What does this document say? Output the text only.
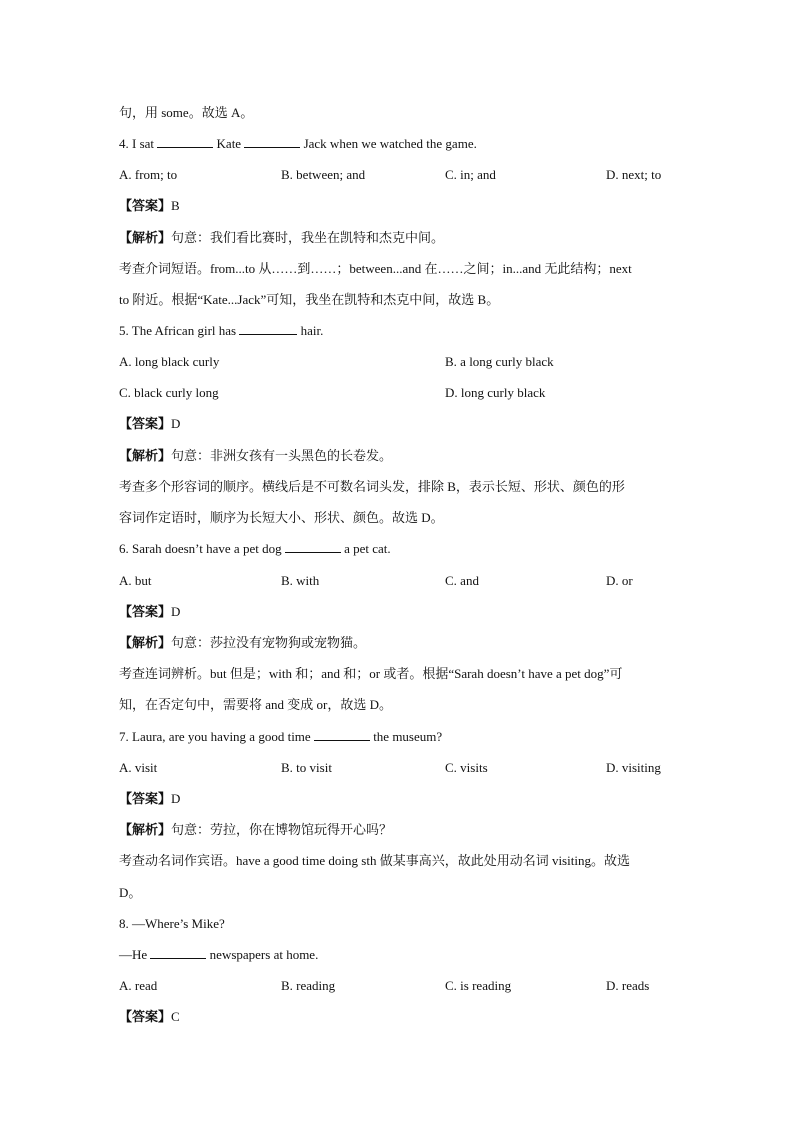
句，用 some。故选 A。
4. I sat	Kate	Jack when we watched the game.
A. from; to	B. between; and	C. in; and	D. next; to
【答案】B
【解析】句意：我们看比赛时，我坐在凯特和杰克中间。
考查介词短语。from...to 从……到……；between...and 在……之间；in...and 无此结构；next
to 附近。根据“Kate...Jack”可知，我坐在凯特和杰克中间，故选 B。
5. The African girl has	hair.
A. long black curly	B. a long curly black
C. black curly long	D. long curly black
【答案】D
【解析】句意：非洲女孩有一头黑色的长卷发。
考查多个形容词的顺序。横线后是不可数名词头发，排除 B，表示长短、形状、颜色的形
容词作定语时，顺序为长短大小、形状、颜色。故选 D。
6. Sarah doesn’t have a pet dog	a pet cat.
A. but	B. with	C. and	D. or
【答案】D
【解析】句意：莎拉没有宠物狗或宠物猫。
考查连词辨析。but 但是；with 和；and 和；or 或者。根据“Sarah doesn’t have a pet dog”可
知，在否定句中，需要将 and 变成 or，故选 D。
7. Laura, are you having a good time	the museum?
A. visit	B. to visit	C. visits	D. visiting
【答案】D
【解析】句意：劳拉，你在博物馆玩得开心吗？
考查动名词作宾语。have a good time doing sth 做某事高兴，故此处用动名词 visiting。故选
D。
8. —Where’s Mike?
—He	newspapers at home.
A. read	B. reading	C. is reading	D. reads
【答案】C
